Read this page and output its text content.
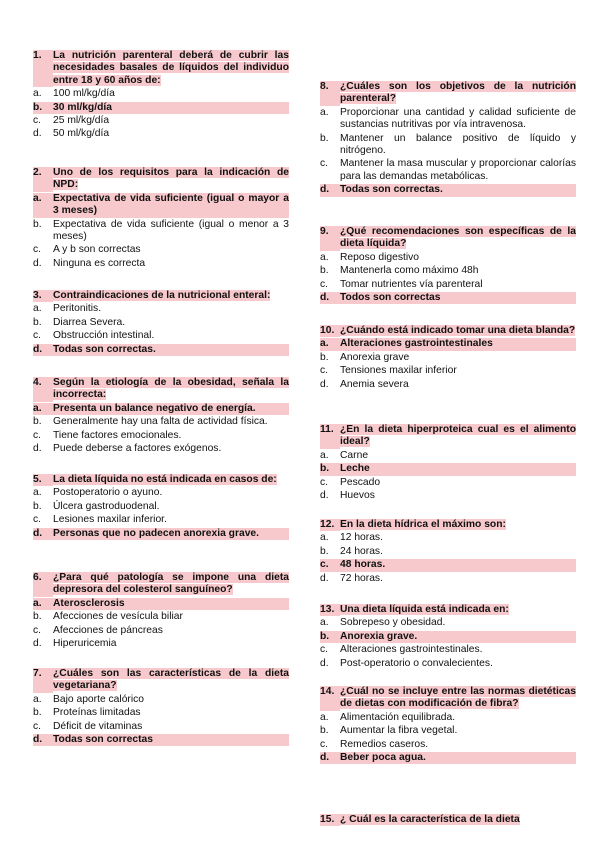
1.	La nutrición parenteral deberá de cubrir las necesidades basales de líquidos del individuo entre 18 y 60 años de:
a.	100 ml/kg/día
b.	30 ml/kg/día
c.	25 ml/kg/día
d.	50 ml/kg/día
2.	Uno de los requisitos para la indicación de NPD:
a.	Expectativa de vida suficiente (igual o mayor a 3 meses)
b.	Expectativa de vida suficiente (igual o menor a 3 meses)
c.	A y b son correctas
d.	Ninguna es correcta
3.	Contraindicaciones de la nutricional enteral:
a.	Peritonitis.
b.	Diarrea Severa.
c.	Obstrucción intestinal.
d.	Todas son correctas.
4.	Según la etiología de la obesidad, señala la incorrecta:
a.	Presenta un balance negativo de energía.
b.	Generalmente hay una falta de actividad física.
c.	Tiene factores emocionales.
d.	Puede deberse a factores exógenos.
5.	La dieta líquida no está indicada en casos de:
a.	Postoperatorio o ayuno.
b.	Úlcera gastroduodenal.
c.	Lesiones maxilar inferior.
d.	Personas que no padecen anorexia grave.
6.	¿Para qué patología se impone una dieta depresora del colesterol sanguíneo?
a.	Aterosclerosis
b.	Afecciones de vesícula biliar
c.	Afecciones de páncreas
d.	Hiperuricemia
7.	¿Cuáles son las características de la dieta vegetariana?
a.	Bajo aporte calórico
b.	Proteínas limitadas
c.	Déficit de vitaminas
d.	Todas son correctas
8.	¿Cuáles son los objetivos de la nutrición parenteral?
a.	Proporcionar una cantidad y calidad suficiente de sustancias nutritivas por vía intravenosa.
b.	Mantener un balance positivo de líquido y nitrógeno.
c.	Mantener la masa muscular y proporcionar calorías para las demandas metabólicas.
d.	Todas son correctas.
9.	¿Qué recomendaciones son específicas de la dieta líquida?
a.	Reposo digestivo
b.	Mantenerla como máximo 48h
c.	Tomar nutrientes vía parenteral
d.	Todos son correctas
10. ¿Cuándo está indicado tomar una dieta blanda?
a.	Alteraciones gastrointestinales
b.	Anorexia grave
c.	Tensiones maxilar inferior
d.	Anemia severa
11. ¿En la dieta hiperproteica cual es el alimento ideal?
a.	Carne
b.	Leche
c.	Pescado
d.	Huevos
12. En la dieta hídrica el máximo son:
a.	12 horas.
b.	24 horas.
c.	48 horas.
d.	72 horas.
13. Una dieta líquida está indicada en:
a.	Sobrepeso y obesidad.
b.	Anorexia grave.
c.	Alteraciones gastrointestinales.
d.	Post-operatorio o convalecientes.
14. ¿Cuál no se incluye entre las normas dietéticas de dietas con modificación de fibra?
a.	Alimentación equilibrada.
b.	Aumentar la fibra vegetal.
c.	Remedios caseros.
d.	Beber poca agua.
15. ¿ Cuál es la característica de la dieta
